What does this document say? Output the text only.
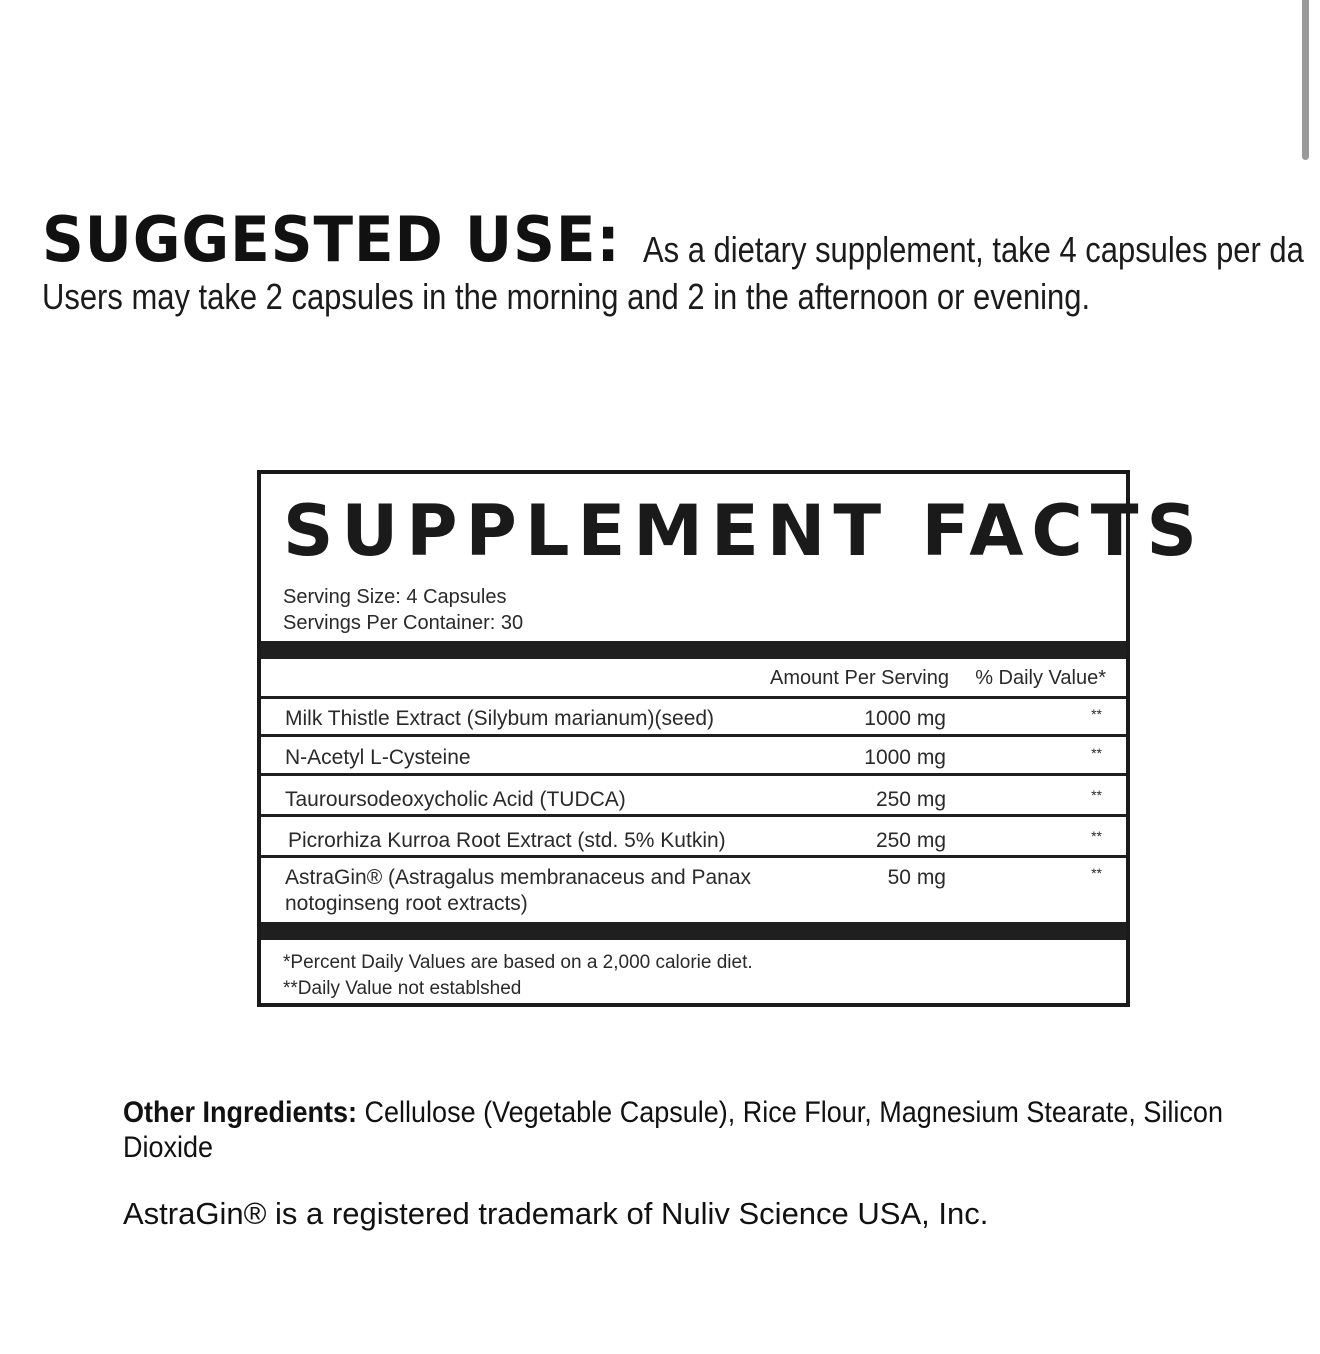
SUGGESTED USE: As a dietary supplement, take 4 capsules per da
Users may take 2 capsules in the morning and 2 in the afternoon or evening.
SUPPLEMENT FACTS
Serving Size: 4 Capsules
Servings Per Container: 30
Amount Per Serving % Daily Value*
Milk Thistle Extract (Silybum marianum)(seed)	1000 mg	**
N-Acetyl L-Cysteine	1000 mg	**
Tauroursodeoxycholic Acid (TUDCA)	250 mg	**
Picrorhiza Kurroa Root Extract (std. 5% Kutkin)	250 mg	**
AstraGin® (Astragalus membranaceus and Panax
notoginseng root extracts)
50 mg	**
*Percent Daily Values are based on a 2,000 calorie diet.
**Daily Value not establshed
Other Ingredients: Cellulose (Vegetable Capsule), Rice Flour, Magnesium Stearate, Silicon Dioxide
AstraGin® is a registered trademark of Nuliv Science USA, Inc.
